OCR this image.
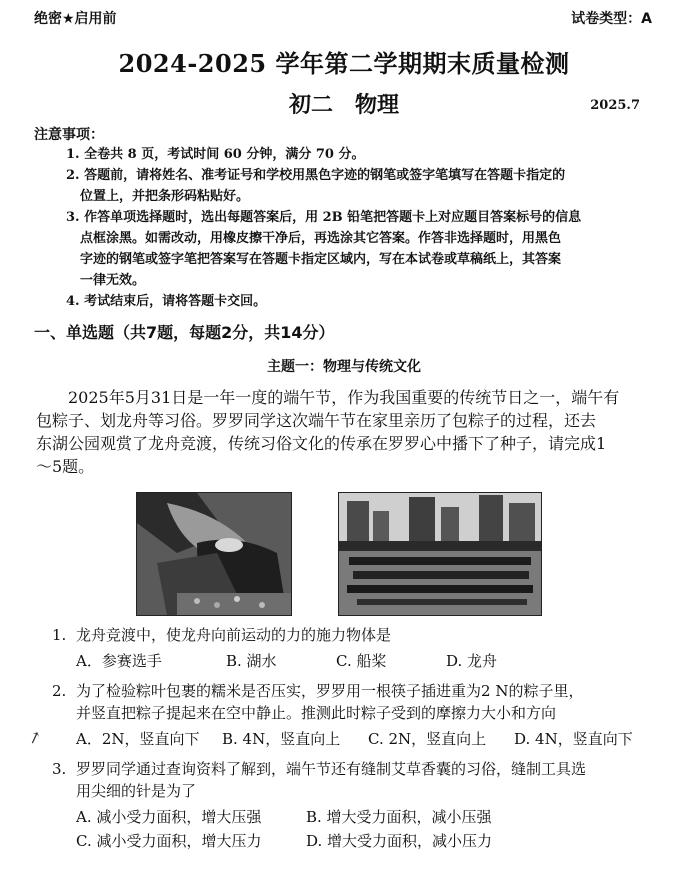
绝密★启用前	试卷类型：A
2024-2025 学年第二学期期末质量检测
初二 物理	2025.7
注意事项：
1. 全卷共 8 页，考试时间 60 分钟，满分 70 分。
2. 答题前，请将姓名、准考证号和学校用黑色字迹的钢笔或签字笔填写在答题卡指定的
位置上，并把条形码粘贴好。
3. 作答单项选择题时，选出每题答案后，用 2B 铅笔把答题卡上对应题目答案标号的信息
点框涂黑。如需改动，用橡皮擦干净后，再选涂其它答案。作答非选择题时，用黑色
字迹的钢笔或签字笔把答案写在答题卡指定区域内，写在本试卷或草稿纸上，其答案
一律无效。
4. 考试结束后，请将答题卡交回。
一、单选题（共7题，每题2分，共14分）
主题一：物理与传统文化

2025年5月31日是一年一度的端午节，作为我国重要的传统节日之一，端午有

包粽子、划龙舟等习俗。罗罗同学这次端午节在家里亲历了包粽子的过程，还去
东湖公园观赏了龙舟竞渡，传统习俗文化的传承在罗罗心中播下了种子，请完成1
～5题。
1. 龙舟竞渡中，使龙舟向前运动的力的施力物体是
A．参赛选手	B. 湖水	C. 船桨	D. 龙舟
2. 为了检验粽叶包裹的糯米是否压实，罗罗用一根筷子插进重为2 N的粽子里，
并竖直把粽子提起来在空中静止。推测此时粽子受到的摩擦力大小和方向
A．2N，竖直向下	B. 4N，竖直向上	C. 2N，竖直向上	D. 4N，竖直向下
↗
3. 罗罗同学通过查询资料了解到，端午节还有缝制艾草香囊的习俗，缝制工具选
用尖细的针是为了
A. 减小受力面积，增大压强	B. 增大受力面积，减小压强
C. 减小受力面积，增大压力	D. 增大受力面积，减小压力
